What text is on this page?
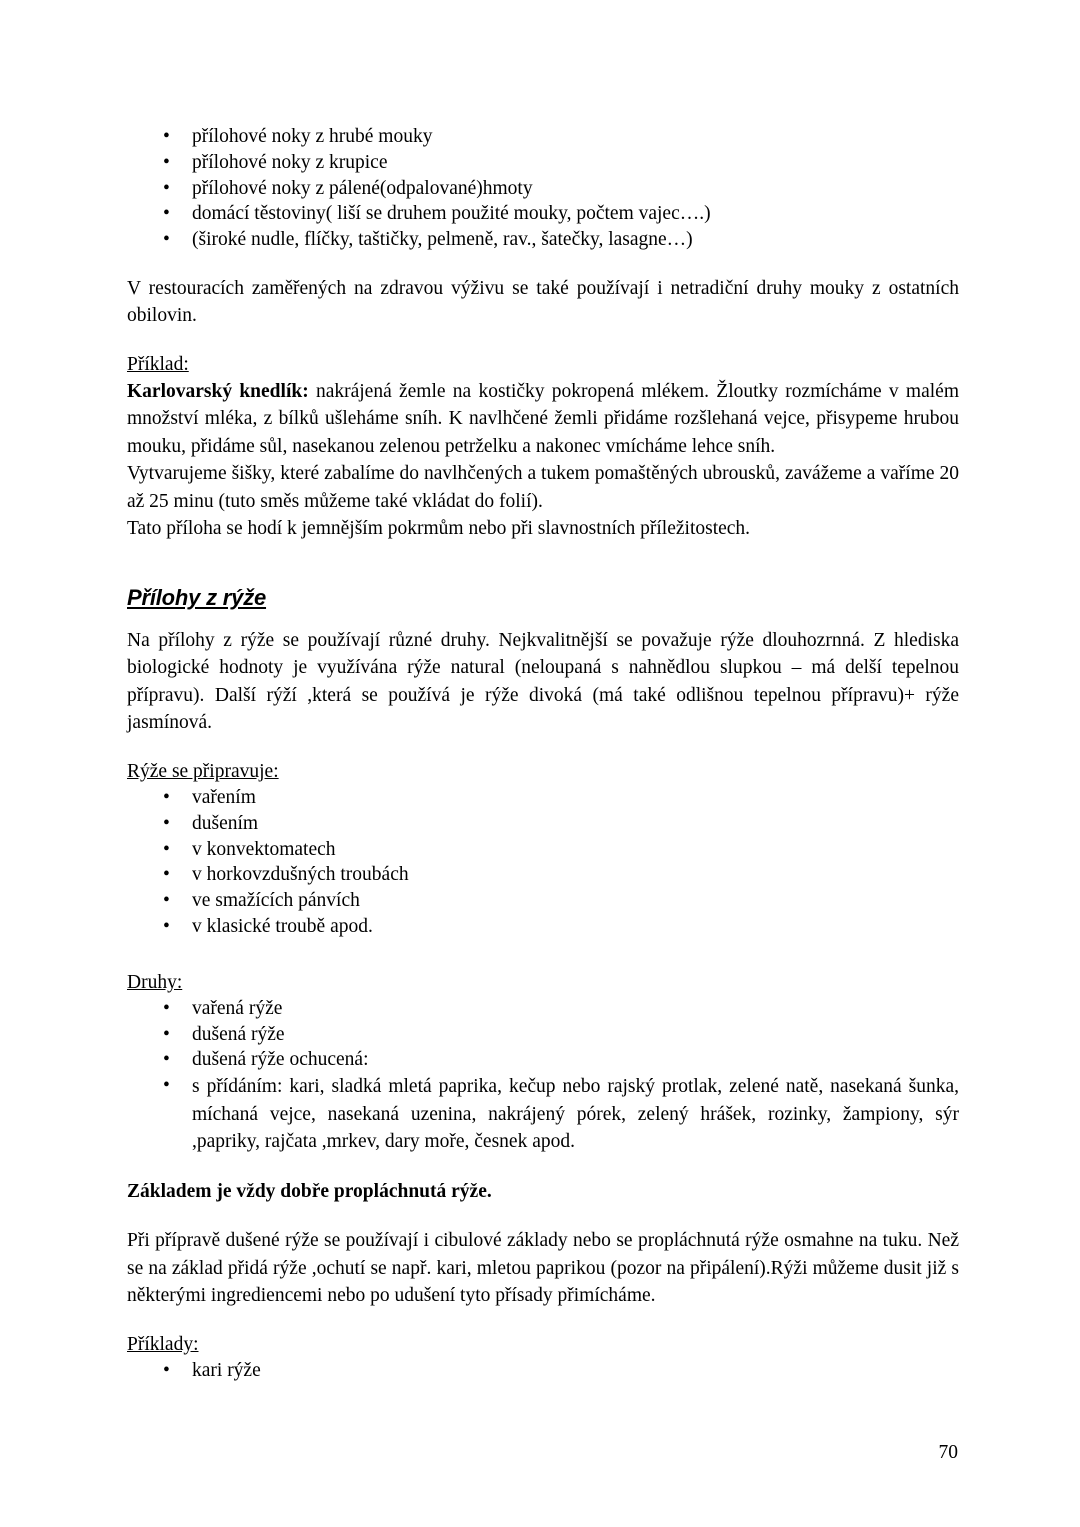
• přílohové noky z hrubé mouky
• přílohové noky z krupice
• přílohové noky z pálené(odpalované)hmoty
• domácí těstoviny( liší se druhem použité mouky, počtem vajec….)
• (široké nudle, flíčky, taštičky, pelmeně, rav., šatečky, lasagne…)

V restouracích zaměřených na zdravou výživu se také používají i netradiční druhy mouky z ostatních obilovin.

Příklad:

Karlovarský knedlík: nakrájená žemle na kostičky pokropená mlékem. Žloutky rozmícháme v malém množství mléka, z bílků ušleháme sníh. K navlhčené žemli přidáme rozšlehaná vejce, přisypeme hrubou mouku, přidáme sůl, nasekanou zelenou petrželku a nakonec vmícháme lehce sníh.

Vytvarujeme šišky, které zabalíme do navlhčených a tukem pomaštěných ubrousků, zavážeme a vaříme 20 až 25 minu (tuto směs můžeme také vkládat do folií).

Tato příloha se hodí k jemnějším pokrmům nebo při slavnostních příležitostech.

Přílohy z rýže

Na přílohy z rýže se používají různé druhy. Nejkvalitnější se považuje rýže dlouhozrnná. Z hlediska biologické hodnoty je využívána rýže natural (neloupaná s nahnědlou slupkou – má delší tepelnou přípravu). Další rýží ,která se používá je rýže divoká (má také odlišnou tepelnou přípravu)+ rýže jasmínová.

Rýže se připravuje:
• vařením
• dušením
• v konvektomatech
• v horkovzdušných troubách
• ve smažících pánvích
• v klasické troubě apod.
Druhy:
• vařená rýže
• dušená rýže
• dušená rýže ochucená:
• s přídáním: kari, sladká mletá paprika, kečup nebo rajský protlak, zelené natě, nasekaná šunka, míchaná vejce, nasekaná uzenina, nakrájený pórek, zelený hrášek, rozinky, žampiony, sýr ,papriky, rajčata ,mrkev, dary moře, česnek apod.

Základem je vždy dobře propláchnutá rýže.

Při přípravě dušené rýže se používají i cibulové základy nebo se propláchnutá rýže osmahne na tuku. Než se na základ přidá rýže ,ochutí se např. kari, mletou paprikou (pozor na připálení).Rýži můžeme dusit již s některými ingrediencemi nebo po udušení tyto přísady přimícháme.

Příklady:
• kari rýže
70
